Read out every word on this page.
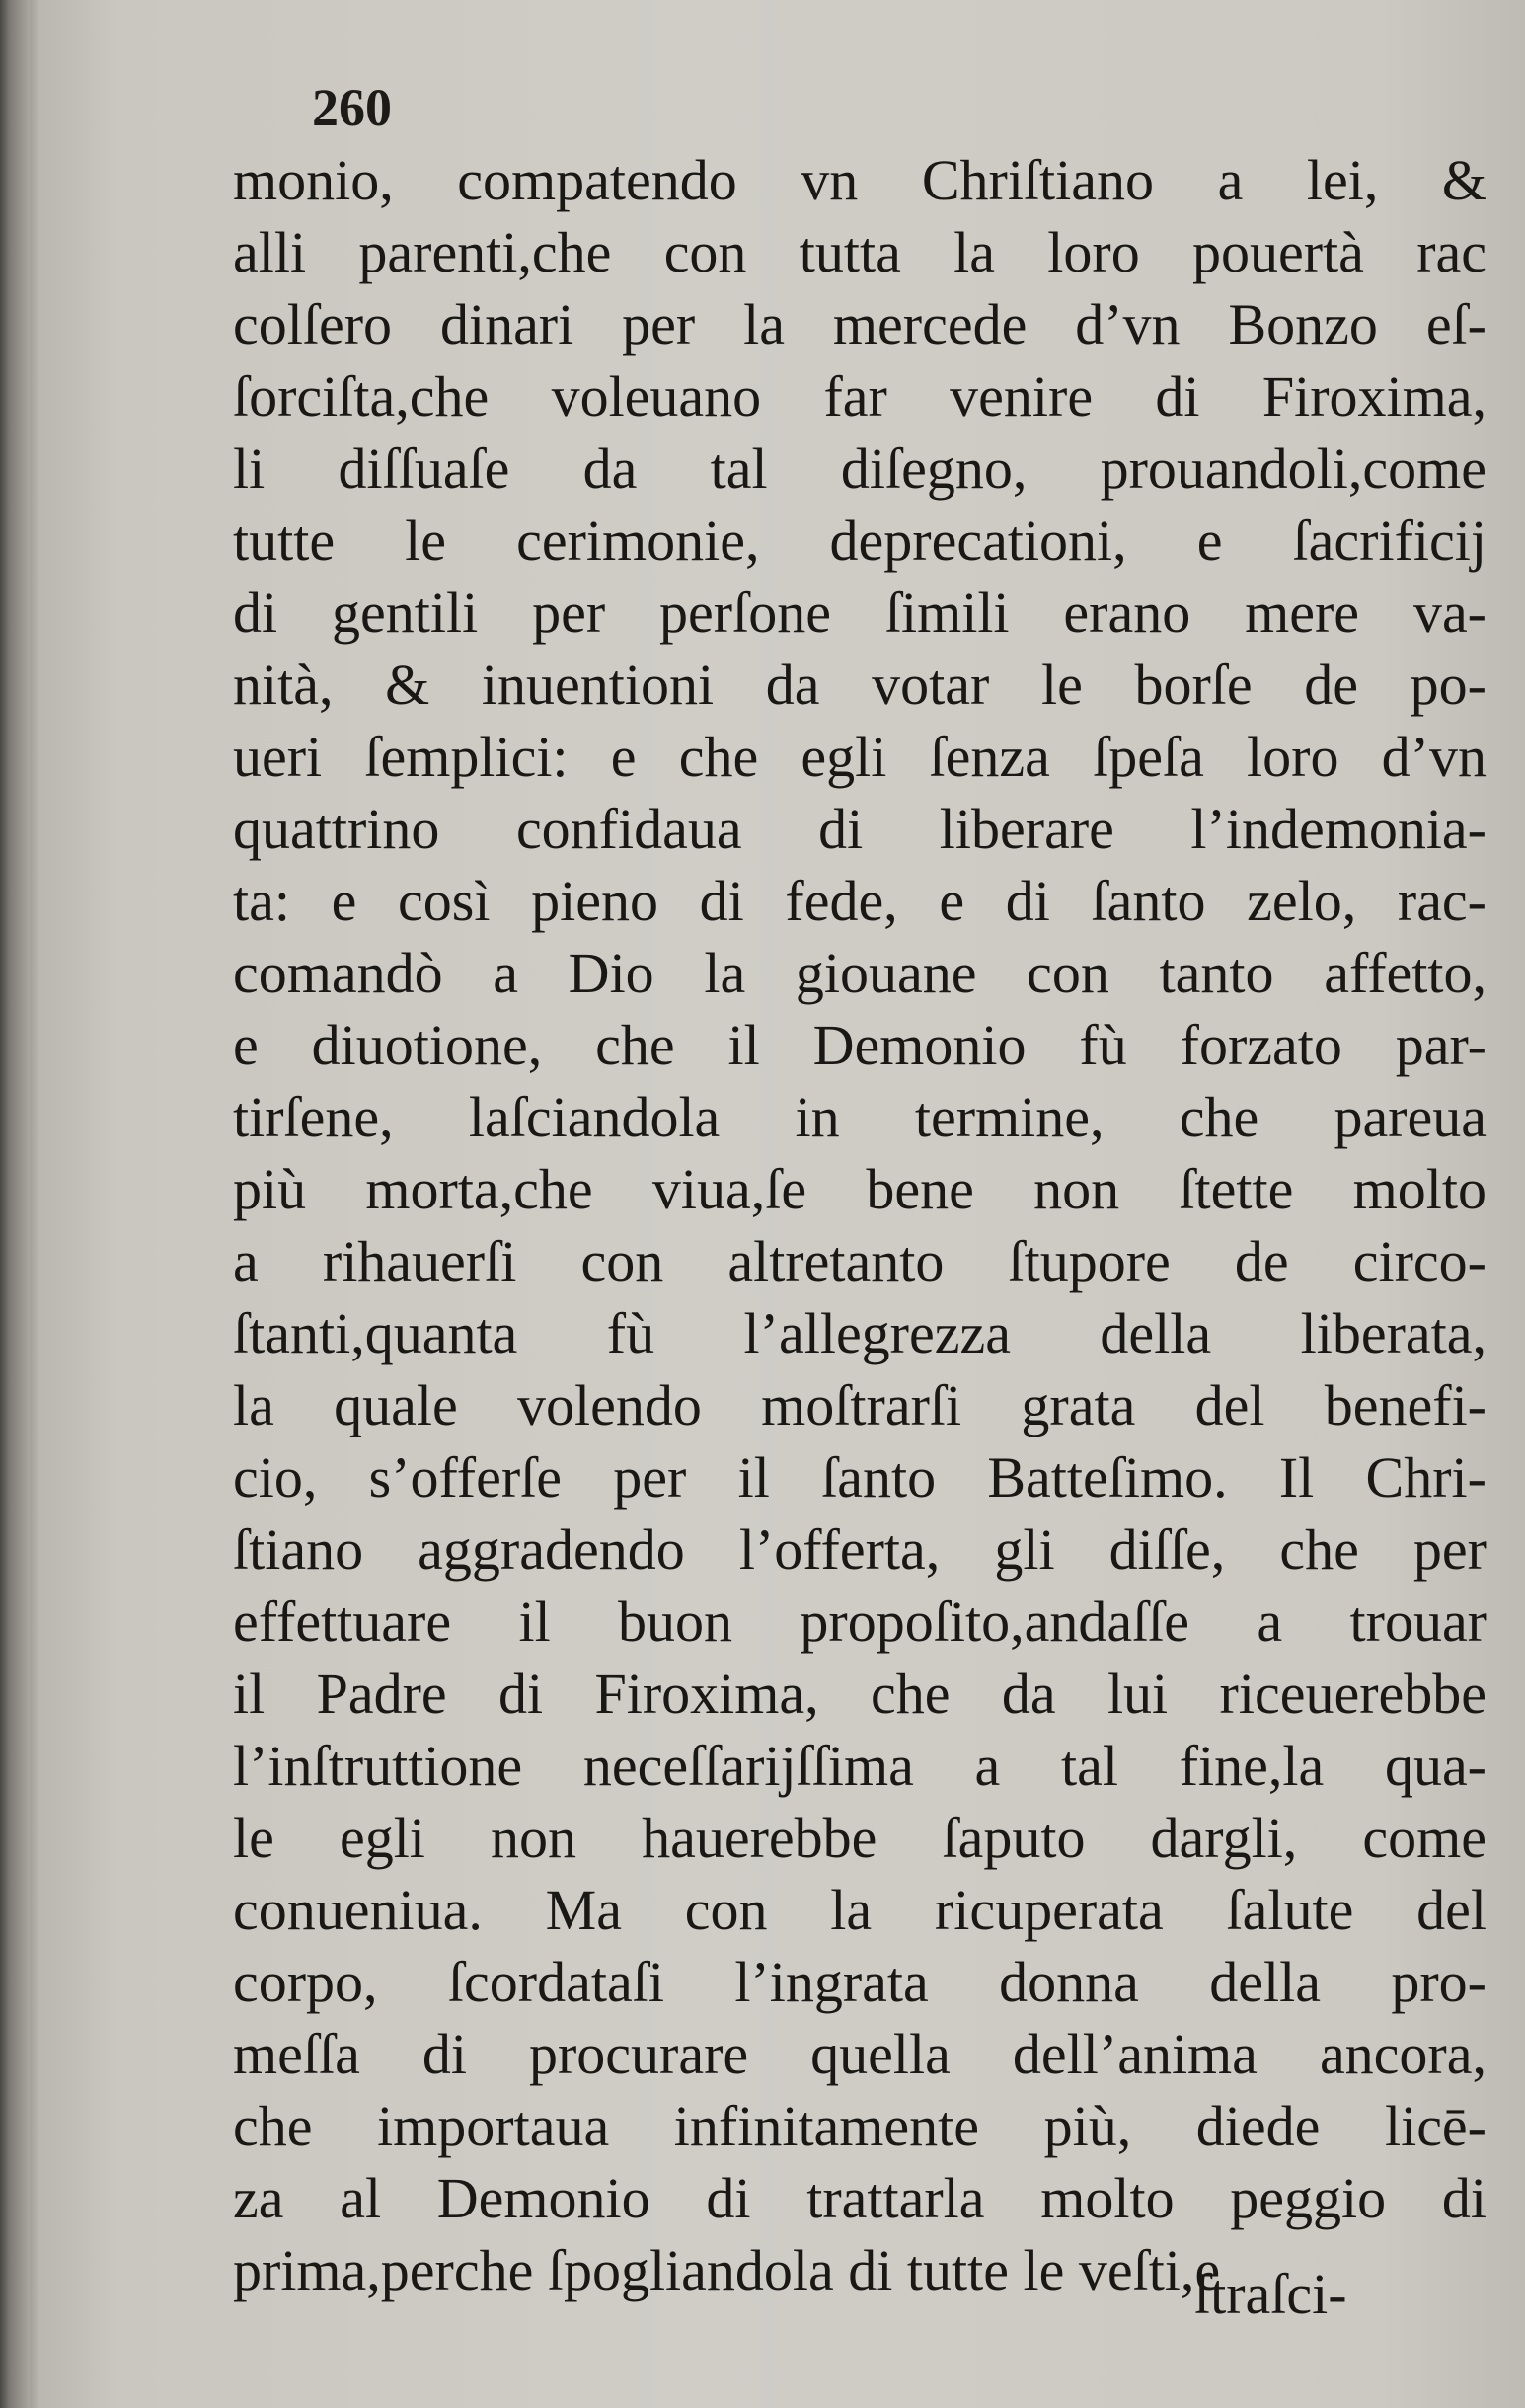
260
monio, compatendo vn Chriſtiano a lei, &
alli parenti,che con tutta la loro pouertà rac
colſero dinari per la mercede d’vn Bonzo eſ-
ſorciſta,che voleuano far venire di Firoxima,
li diſſuaſe da tal diſegno, prouandoli,come
tutte le cerimonie, deprecationi, e ſacrificij
di gentili per perſone ſimili erano mere va-
nità, & inuentioni da votar le borſe de po-
ueri ſemplici: e che egli ſenza ſpeſa loro d’vn
quattrino confidaua di liberare l’indemonia-
ta: e così pieno di fede, e di ſanto zelo, rac-
comandò a Dio la giouane con tanto affetto,
e diuotione, che il Demonio fù forzato par-
tirſene, laſciandola in termine, che pareua
più morta,che viua,ſe bene non ſtette molto
a rihauerſi con altretanto ſtupore de circo-
ſtanti,quanta fù l’allegrezza della liberata,
la quale volendo moſtrarſi grata del benefi-
cio, s’offerſe per il ſanto Batteſimo. Il Chri-
ſtiano aggradendo l’offerta, gli diſſe, che per
effettuare il buon propoſito,andaſſe a trouar
il Padre di Firoxima, che da lui riceuerebbe
l’inſtruttione neceſſarijſſima a tal fine,la qua-
le egli non hauerebbe ſaputo dargli, come
conueniua. Ma con la ricuperata ſalute del
corpo, ſcordataſi l’ingrata donna della pro-
meſſa di procurare quella dell’anima ancora,
che importaua infinitamente più, diede licē-
za al Demonio di trattarla molto peggio di
prima,perche ſpogliandola di tutte le veſti,e
ſtraſci-
